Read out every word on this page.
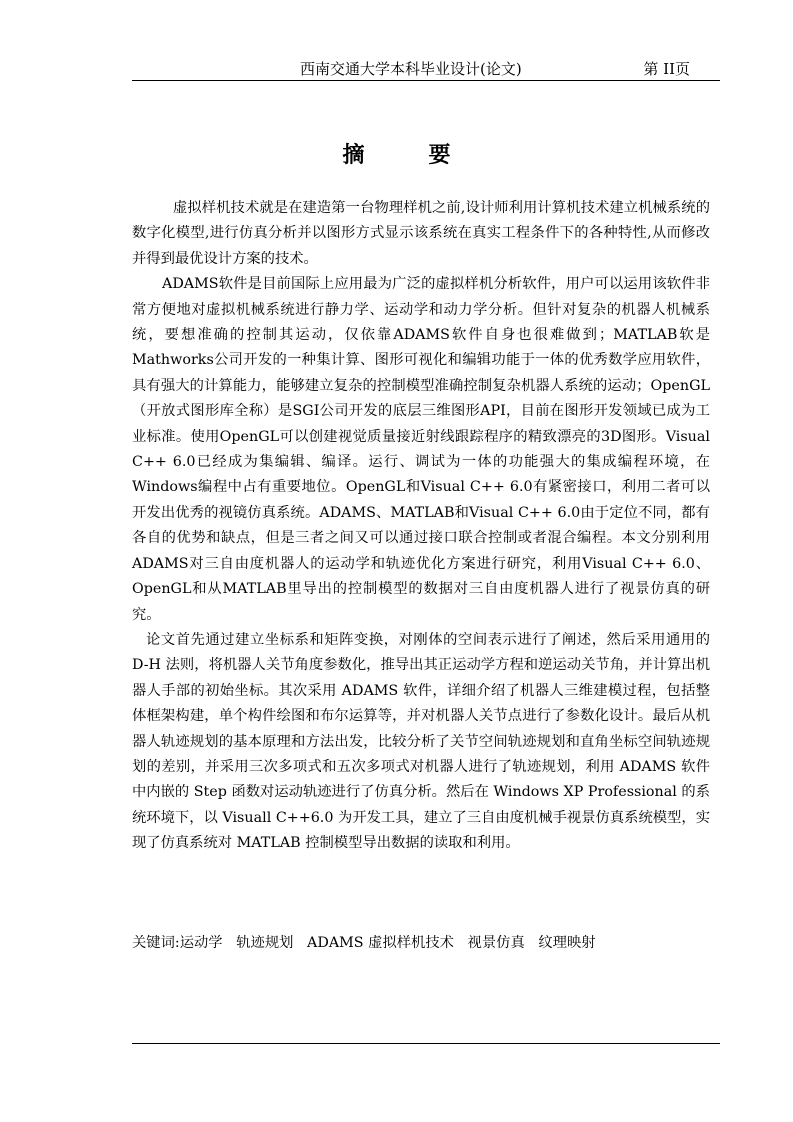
西南交通大学本科毕业设计(论文)	第 II页
摘要

虚拟样机技术就是在建造第一台物理样机之前,设计师利用计算机技术建立机械系统的数字化模型,进行仿真分析并以图形方式显示该系统在真实工程条件下的各种特性,从而修改并得到最优设计方案的技术。

ADAMS软件是目前国际上应用最为广泛的虚拟样机分析软件，用户可以运用该软件非常方便地对虚拟机械系统进行静力学、运动学和动力学分析。但针对复杂的机器人机械系统，要想准确的控制其运动，仅依靠ADAMS软件自身也很难做到；MATLAB软是Mathworks公司开发的一种集计算、图形可视化和编辑功能于一体的优秀数学应用软件，具有强大的计算能力，能够建立复杂的控制模型准确控制复杂机器人系统的运动；OpenGL（开放式图形库全称）是SGI公司开发的底层三维图形API，目前在图形开发领域已成为工业标准。使用OpenGL可以创建视觉质量接近射线跟踪程序的精致漂亮的3D图形。Visual C++ 6.0已经成为集编辑、编译。运行、调试为一体的功能强大的集成编程环境，在Windows编程中占有重要地位。OpenGL和Visual C++ 6.0有紧密接口，利用二者可以开发出优秀的视镜仿真系统。ADAMS、MATLAB和Visual C++ 6.0由于定位不同，都有各自的优势和缺点，但是三者之间又可以通过接口联合控制或者混合编程。本文分别利用ADAMS对三自由度机器人的运动学和轨迹优化方案进行研究，利用Visual C++ 6.0、OpenGL和从MATLAB里导出的控制模型的数据对三自由度机器人进行了视景仿真的研究。

论文首先通过建立坐标系和矩阵变换，对刚体的空间表示进行了阐述，然后采用通用的 D-H 法则，将机器人关节角度参数化，推导出其正运动学方程和逆运动关节角，并计算出机器人手部的初始坐标。其次采用 ADAMS 软件，详细介绍了机器人三维建模过程，包括整体框架构建，单个构件绘图和布尔运算等，并对机器人关节点进行了参数化设计。最后从机器人轨迹规划的基本原理和方法出发，比较分析了关节空间轨迹规划和直角坐标空间轨迹规划的差别，并采用三次多项式和五次多项式对机器人进行了轨迹规划，利用 ADAMS 软件中内嵌的 Step 函数对运动轨迹进行了仿真分析。然后在 Windows XP Professional 的系统环境下，以 Visuall C++6.0 为开发工具，建立了三自由度机械手视景仿真系统模型，实现了仿真系统对 MATLAB 控制模型导出数据的读取和利用。

关键词:运动学   轨迹规划   ADAMS 虚拟样机技术   视景仿真   纹理映射
